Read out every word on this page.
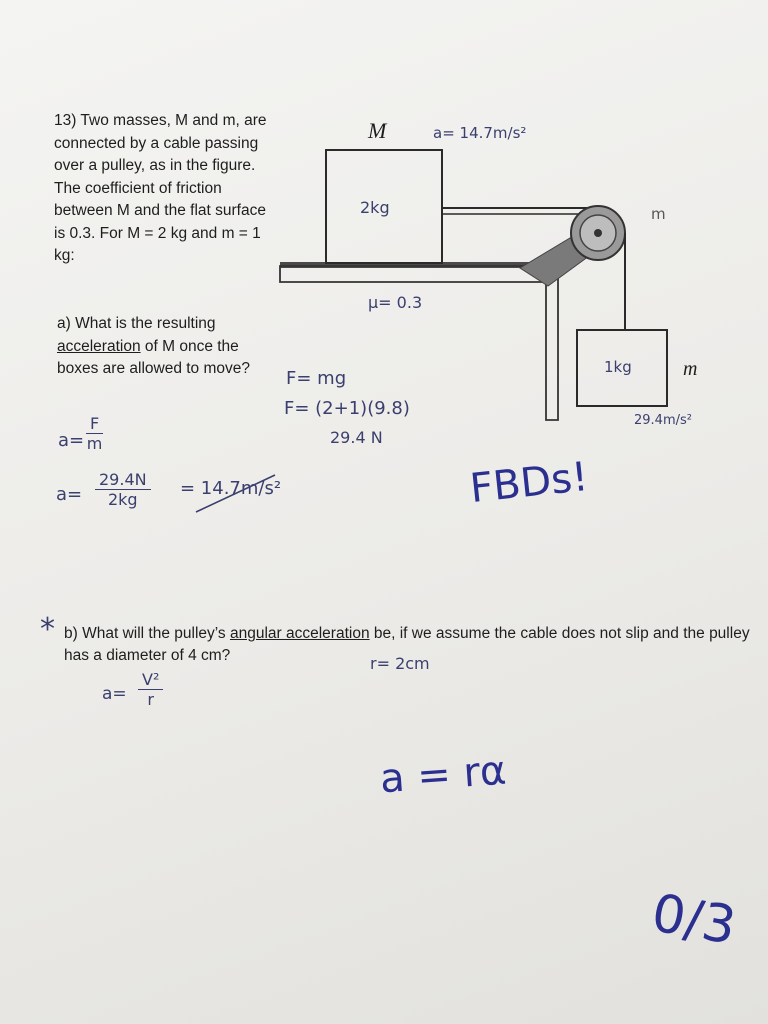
M
m
m
13) Two masses, M and m, are connected by a cable passing over a pulley, as in the figure. The coefficient of friction between M and the flat surface is 0.3. For M = 2 kg and m = 1 kg:
a) What is the resulting acceleration of M once the boxes are allowed to move?
b) What will the pulley’s angular acceleration be, if we assume the cable does not slip and the pulley has a diameter of 4 cm?
*
a= 14.7m/s²
2kg
μ= 0.3
1kg
29.4m/s²
F= mg
F= (2+1)(9.8)
29.4 N
$a= \frac{F}{m}$
$a= \frac{29.4N}{2kg} = 14.7m/s^2$	FBDs!
r= 2cm
$a= \frac{\text{V²}}{r}$
a = rα
0/3
